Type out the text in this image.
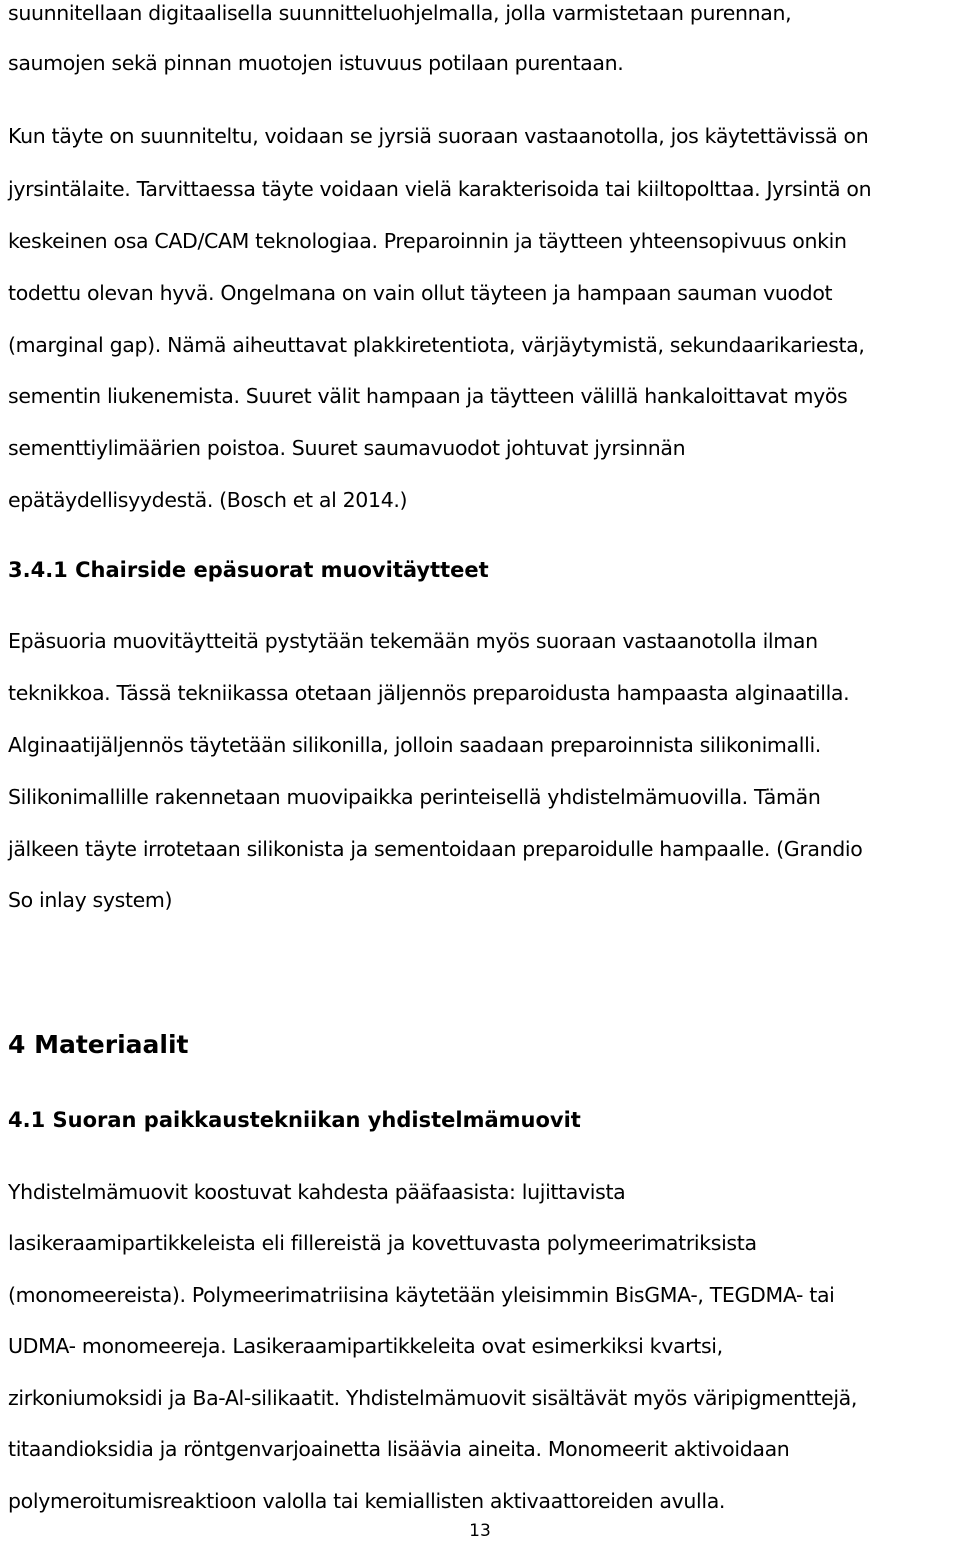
suunnitellaan digitaalisella suunnitteluohjelmalla, jolla varmistetaan purennan,

saumojen sekä pinnan muotojen istuvuus potilaan purentaan.

Kun täyte on suunniteltu, voidaan se jyrsiä suoraan vastaanotolla, jos käytettävissä on

jyrsintälaite. Tarvittaessa täyte voidaan vielä karakterisoida tai kiiltopolttaa. Jyrsintä on

keskeinen osa CAD/CAM teknologiaa. Preparoinnin ja täytteen yhteensopivuus onkin

todettu olevan hyvä. Ongelmana on vain ollut täyteen ja hampaan sauman vuodot

(marginal gap). Nämä aiheuttavat plakkiretentiota, värjäytymistä, sekundaarikariesta,

sementin liukenemista. Suuret välit hampaan ja täytteen välillä hankaloittavat myös

sementtiylimäärien poistoa. Suuret saumavuodot johtuvat jyrsinnän

epätäydellisyydestä. (Bosch et al 2014.)

3.4.1 Chairside epäsuorat muovitäytteet

Epäsuoria muovitäytteitä pystytään tekemään myös suoraan vastaanotolla ilman

teknikkoa. Tässä tekniikassa otetaan jäljennös preparoidusta hampaasta alginaatilla.

Alginaatijäljennös täytetään silikonilla, jolloin saadaan preparoinnista silikonimalli.

Silikonimallille rakennetaan muovipaikka perinteisellä yhdistelmämuovilla. Tämän

jälkeen täyte irrotetaan silikonista ja sementoidaan preparoidulle hampaalle. (Grandio

So inlay system)

4 Materiaalit
4.1 Suoran paikkaustekniikan yhdistelmämuovit

Yhdistelmämuovit koostuvat kahdesta pääfaasista: lujittavista

lasikeraamipartikkeleista eli fillereistä ja kovettuvasta polymeerimatriksista

(monomeereista). Polymeerimatriisina käytetään yleisimmin BisGMA-, TEGDMA- tai

UDMA- monomeereja. Lasikeraamipartikkeleita ovat esimerkiksi kvartsi,

zirkoniumoksidi ja Ba-Al-silikaatit. Yhdistelmämuovit sisältävät myös väripigmenttejä,

titaandioksidia ja röntgenvarjoainetta lisäävia aineita. Monomeerit aktivoidaan

polymeroitumisreaktioon valolla tai kemiallisten aktivaattoreiden avulla.

13
